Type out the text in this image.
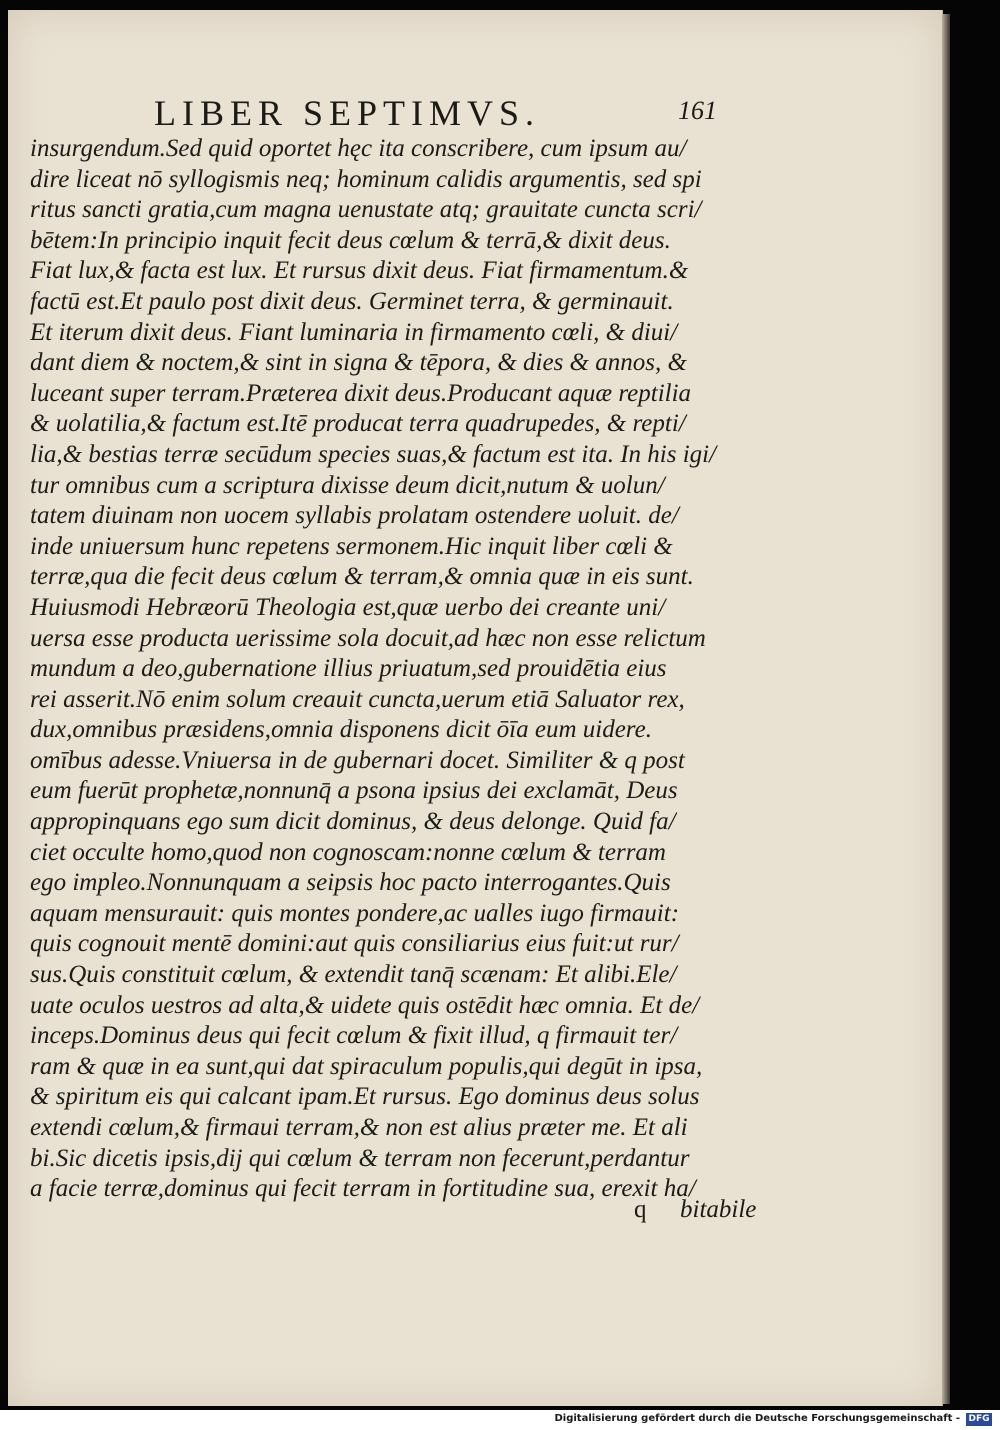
LIBER SEPTIMVS.	161
insurgendum.Sed quid oportet hęc ita conscribere, cum ipsum au/
dire liceat nō syllogismis neq; hominum calidis argumentis, sed spi
ritus sancti gratia,cum magna uenustate atq; grauitate cuncta scri/
bētem:In principio inquit fecit deus cœlum & terrā,& dixit deus.
Fiat lux,& facta est lux. Et rursus dixit deus. Fiat firmamentum.&
factū est.Et paulo post dixit deus. Germinet terra, & germinauit.
Et iterum dixit deus. Fiant luminaria in firmamento cœli, & diui/
dant diem & noctem,& sint in signa & tēpora, & dies & annos, &
luceant super terram.Præterea dixit deus.Producant aquæ reptilia
& uolatilia,& factum est.Itē producat terra quadrupedes, & repti/
lia,& bestias terræ secūdum species suas,& factum est ita. In his igi/
tur omnibus cum a scriptura dixisse deum dicit,nutum & uolun/
tatem diuinam non uocem syllabis prolatam ostendere uoluit. de/
inde uniuersum hunc repetens sermonem.Hic inquit liber cœli &
terræ,qua die fecit deus cœlum & terram,& omnia quæ in eis sunt.
Huiusmodi Hebræorū Theologia est,quæ uerbo dei creante uni/
uersa esse producta uerissime sola docuit,ad hæc non esse relictum
mundum a deo,gubernatione illius priuatum,sed prouidētia eius
rei asserit.Nō enim solum creauit cuncta,uerum etiā Saluator rex,
dux,omnibus præsidens,omnia disponens dicit ōīa eum uidere.
omībus adesse.Vniuersa in de gubernari docet. Similiter & q post
eum fuerūt prophetæ,nonnunq̄ a psona ipsius dei exclamāt, Deus
appropinquans ego sum dicit dominus, & deus delonge. Quid fa/
ciet occulte homo,quod non cognoscam:nonne cœlum & terram
ego impleo.Nonnunquam a seipsis hoc pacto interrogantes.Quis
aquam mensurauit: quis montes pondere,ac ualles iugo firmauit:
quis cognouit mentē domini:aut quis consiliarius eius fuit:ut rur/
sus.Quis constituit cœlum, & extendit tanq̄ scænam: Et alibi.Ele/
uate oculos uestros ad alta,& uidete quis ostēdit hæc omnia. Et de/
inceps.Dominus deus qui fecit cœlum & fixit illud, q firmauit ter/
ram & quæ in ea sunt,qui dat spiraculum populis,qui degūt in ipsa,
& spiritum eis qui calcant ipam.Et rursus. Ego dominus deus solus
extendi cœlum,& firmaui terram,& non est alius præter me. Et ali
bi.Sic dicetis ipsis,dij qui cœlum & terram non fecerunt,perdantur
a facie terræ,dominus qui fecit terram in fortitudine sua, erexit ha/
q bitabile
Digitalisierung gefördert durch die Deutsche Forschungsgemeinschaft - DFG
